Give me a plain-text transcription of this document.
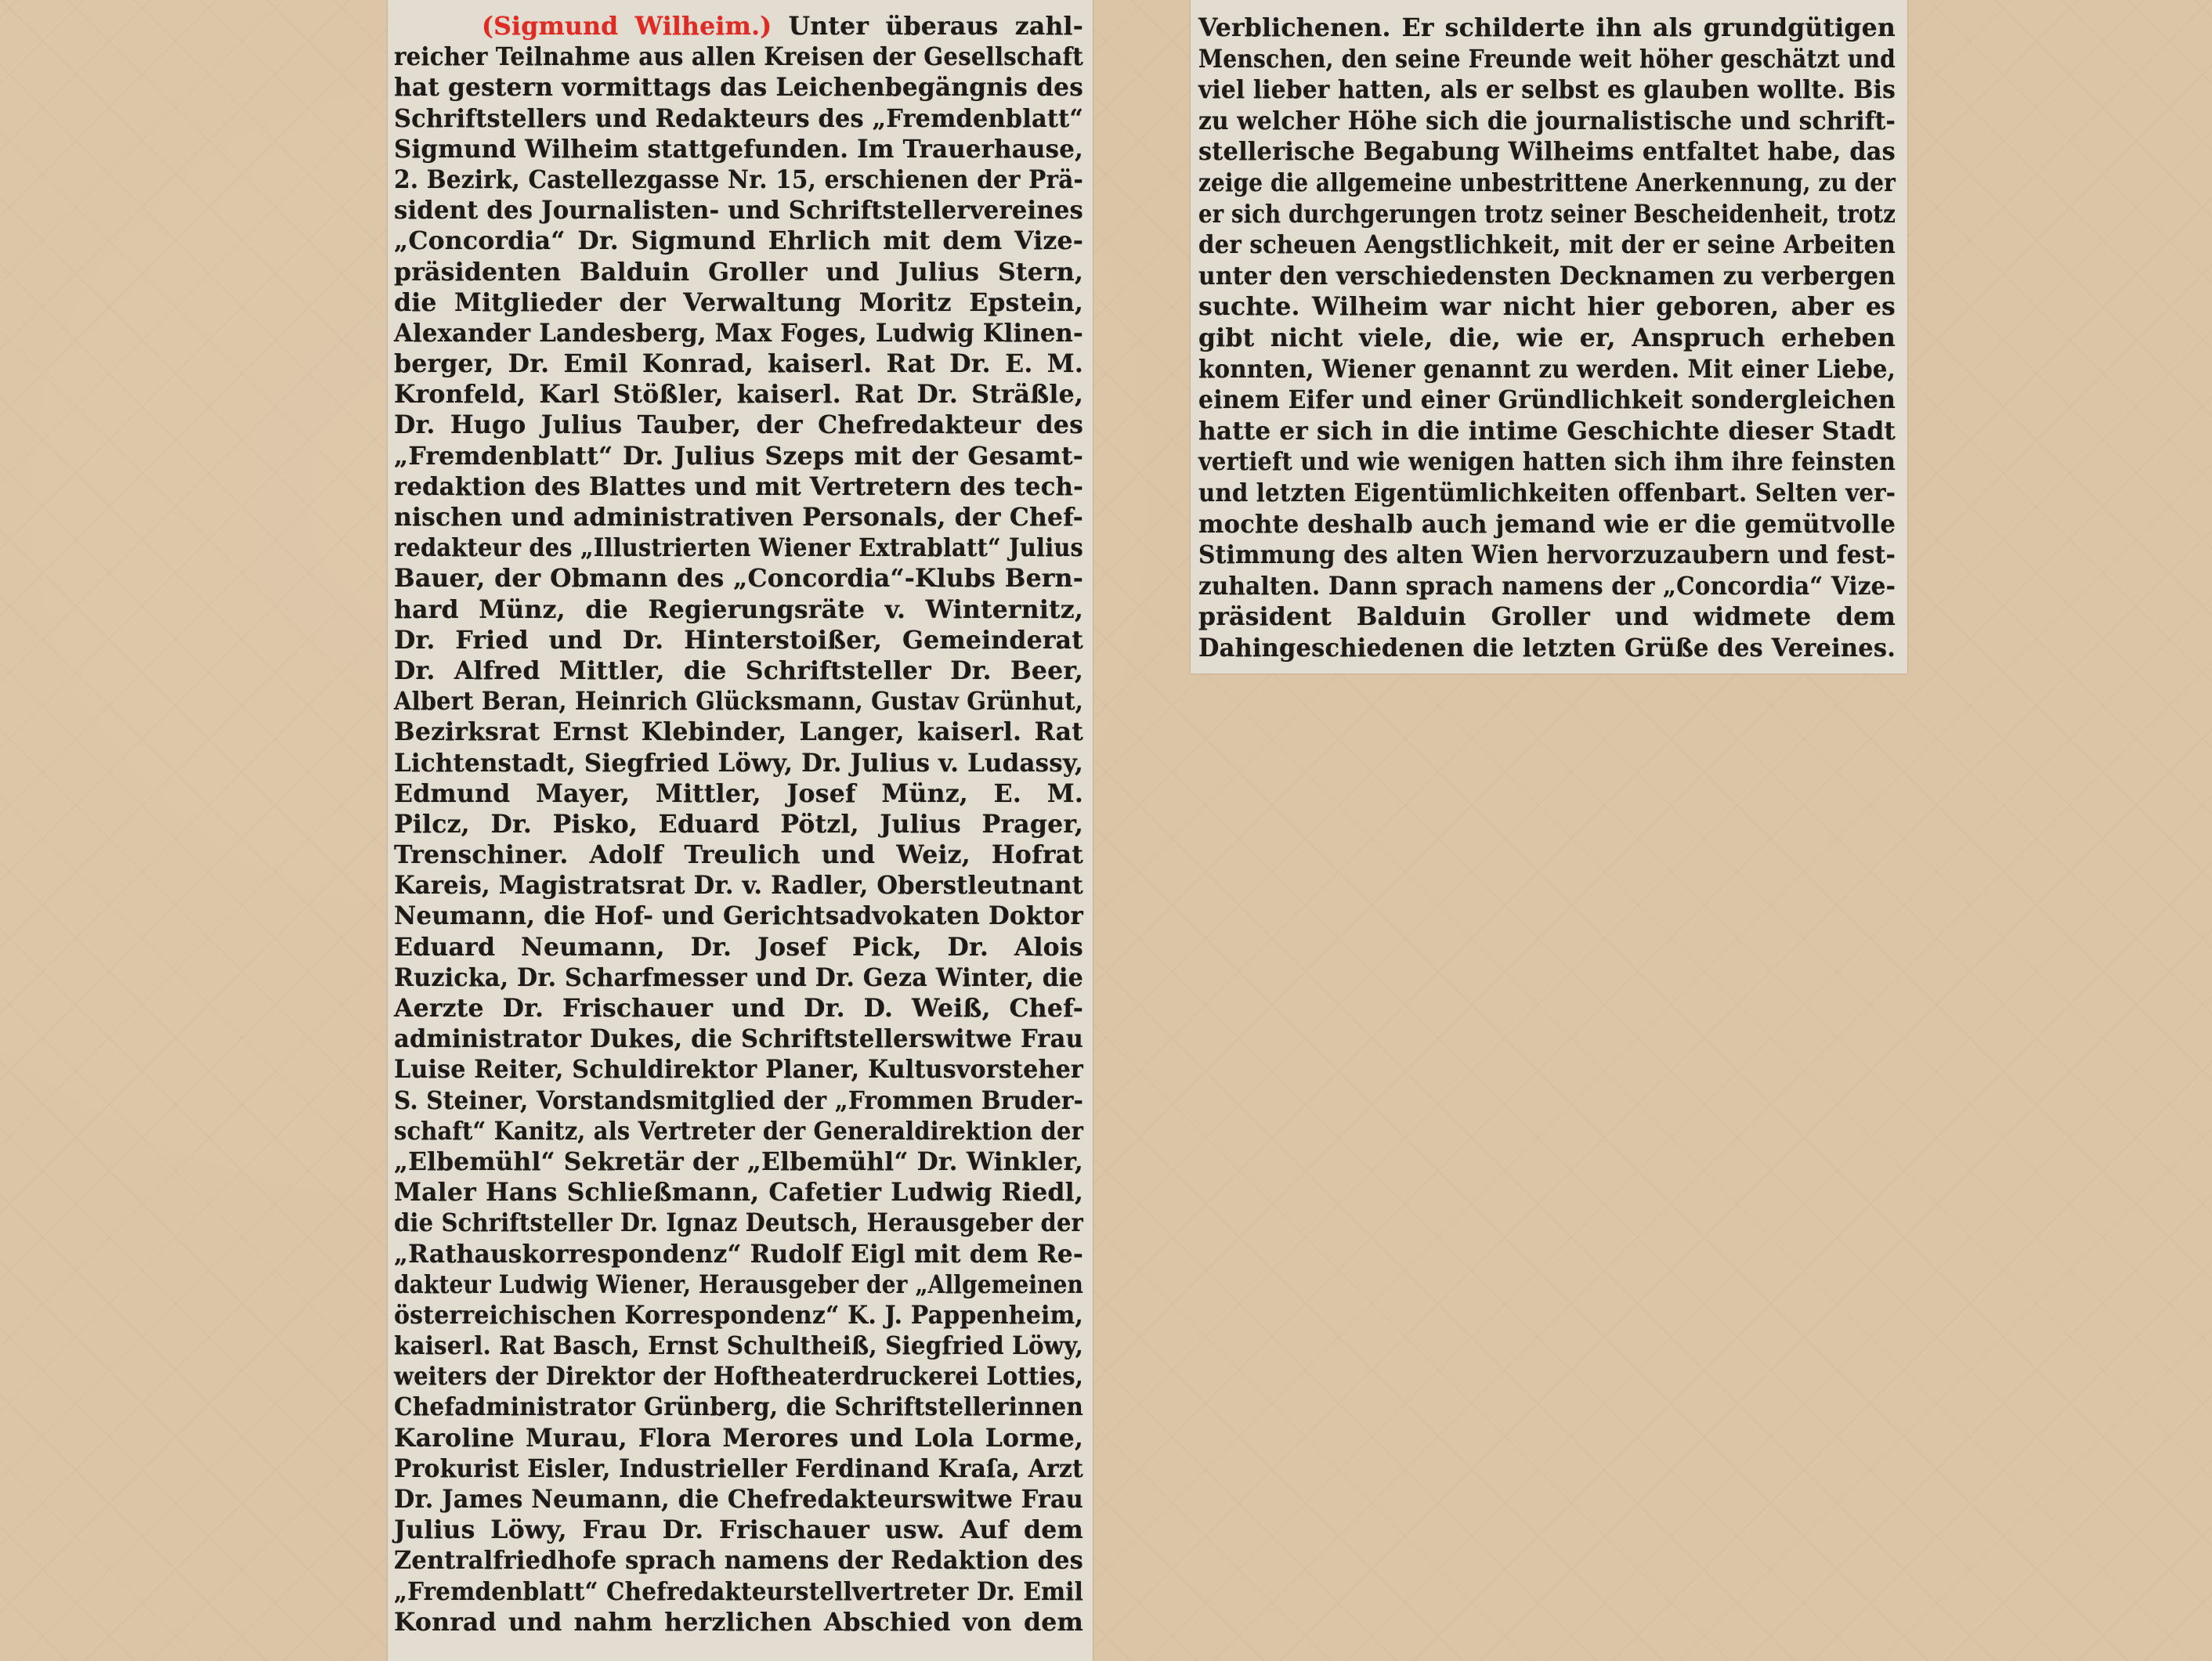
(Sigmund Wilheim.) Unter überaus zahl-
reicher Teilnahme aus allen Kreisen der Gesellschaft
hat gestern vormittags das Leichenbegängnis des
Schriftstellers und Redakteurs des „Fremdenblatt“
Sigmund Wilheim stattgefunden. Im Trauerhause,
2. Bezirk, Castellezgasse Nr. 15, erschienen der Prä-
sident des Journalisten- und Schriftstellervereines
„Concordia“ Dr. Sigmund Ehrlich mit dem Vize-
präsidenten Balduin Groller und Julius Stern,
die Mitglieder der Verwaltung Moritz Epstein,
Alexander Landesberg, Max Foges, Ludwig Klinen-
berger, Dr. Emil Konrad, kaiserl. Rat Dr. E. M.
Kronfeld, Karl Stößler, kaiserl. Rat Dr. Sträßle,
Dr. Hugo Julius Tauber, der Chefredakteur des
„Fremdenblatt“ Dr. Julius Szeps mit der Gesamt-
redaktion des Blattes und mit Vertretern des tech-
nischen und administrativen Personals, der Chef-
redakteur des „Illustrierten Wiener Extrablatt“ Julius
Bauer, der Obmann des „Concordia“-Klubs Bern-
hard Münz, die Regierungsräte v. Winternitz,
Dr. Fried und Dr. Hinterstoißer, Gemeinderat
Dr. Alfred Mittler, die Schriftsteller Dr. Beer,
Albert Beran, Heinrich Glücksmann, Gustav Grünhut,
Bezirksrat Ernst Klebinder, Langer, kaiserl. Rat
Lichtenstadt, Siegfried Löwy, Dr. Julius v. Ludassy,
Edmund Mayer, Mittler, Josef Münz, E. M.
Pilcz, Dr. Pisko, Eduard Pötzl, Julius Prager,
Trenschiner. Adolf Treulich und Weiz, Hofrat
Kareis, Magistratsrat Dr. v. Radler, Oberstleutnant
Neumann, die Hof- und Gerichtsadvokaten Doktor
Eduard Neumann, Dr. Josef Pick, Dr. Alois
Ruzicka, Dr. Scharfmesser und Dr. Geza Winter, die
Aerzte Dr. Frischauer und Dr. D. Weiß, Chef-
administrator Dukes, die Schriftstellerswitwe Frau
Luise Reiter, Schuldirektor Planer, Kultusvorsteher
S. Steiner, Vorstandsmitglied der „Frommen Bruder-
schaft“ Kanitz, als Vertreter der Generaldirektion der
„Elbemühl“ Sekretär der „Elbemühl“ Dr. Winkler,
Maler Hans Schließmann, Cafetier Ludwig Riedl,
die Schriftsteller Dr. Ignaz Deutsch, Herausgeber der
„Rathauskorrespondenz“ Rudolf Eigl mit dem Re-
dakteur Ludwig Wiener, Herausgeber der „Allgemeinen
österreichischen Korrespondenz“ K. J. Pappenheim,
kaiserl. Rat Basch, Ernst Schultheiß, Siegfried Löwy,
weiters der Direktor der Hoftheaterdruckerei Lotties,
Chefadministrator Grünberg, die Schriftstellerinnen
Karoline Murau, Flora Merores und Lola Lorme,
Prokurist Eisler, Industrieller Ferdinand Kraſa, Arzt
Dr. James Neumann, die Chefredakteurswitwe Frau
Julius Löwy, Frau Dr. Frischauer usw. Auf dem
Zentralfriedhofe sprach namens der Redaktion des
„Fremdenblatt“ Chefredakteurstellvertreter Dr. Emil
Konrad und nahm herzlichen Abschied von dem
Verblichenen. Er schilderte ihn als grundgütigen
Menschen, den seine Freunde weit höher geschätzt und
viel lieber hatten, als er selbst es glauben wollte. Bis
zu welcher Höhe sich die journalistische und schrift-
stellerische Begabung Wilheims entfaltet habe, das
zeige die allgemeine unbestrittene Anerkennung, zu der
er sich durchgerungen trotz seiner Bescheidenheit, trotz
der scheuen Aengstlichkeit, mit der er seine Arbeiten
unter den verschiedensten Decknamen zu verbergen
suchte. Wilheim war nicht hier geboren, aber es
gibt nicht viele, die, wie er, Anspruch erheben
konnten, Wiener genannt zu werden. Mit einer Liebe,
einem Eifer und einer Gründlichkeit sondergleichen
hatte er sich in die intime Geschichte dieser Stadt
vertieft und wie wenigen hatten sich ihm ihre feinsten
und letzten Eigentümlichkeiten offenbart. Selten ver-
mochte deshalb auch jemand wie er die gemütvolle
Stimmung des alten Wien hervorzuzaubern und fest-
zuhalten. Dann sprach namens der „Concordia“ Vize-
präsident Balduin Groller und widmete dem
Dahingeschiedenen die letzten Grüße des Vereines.
